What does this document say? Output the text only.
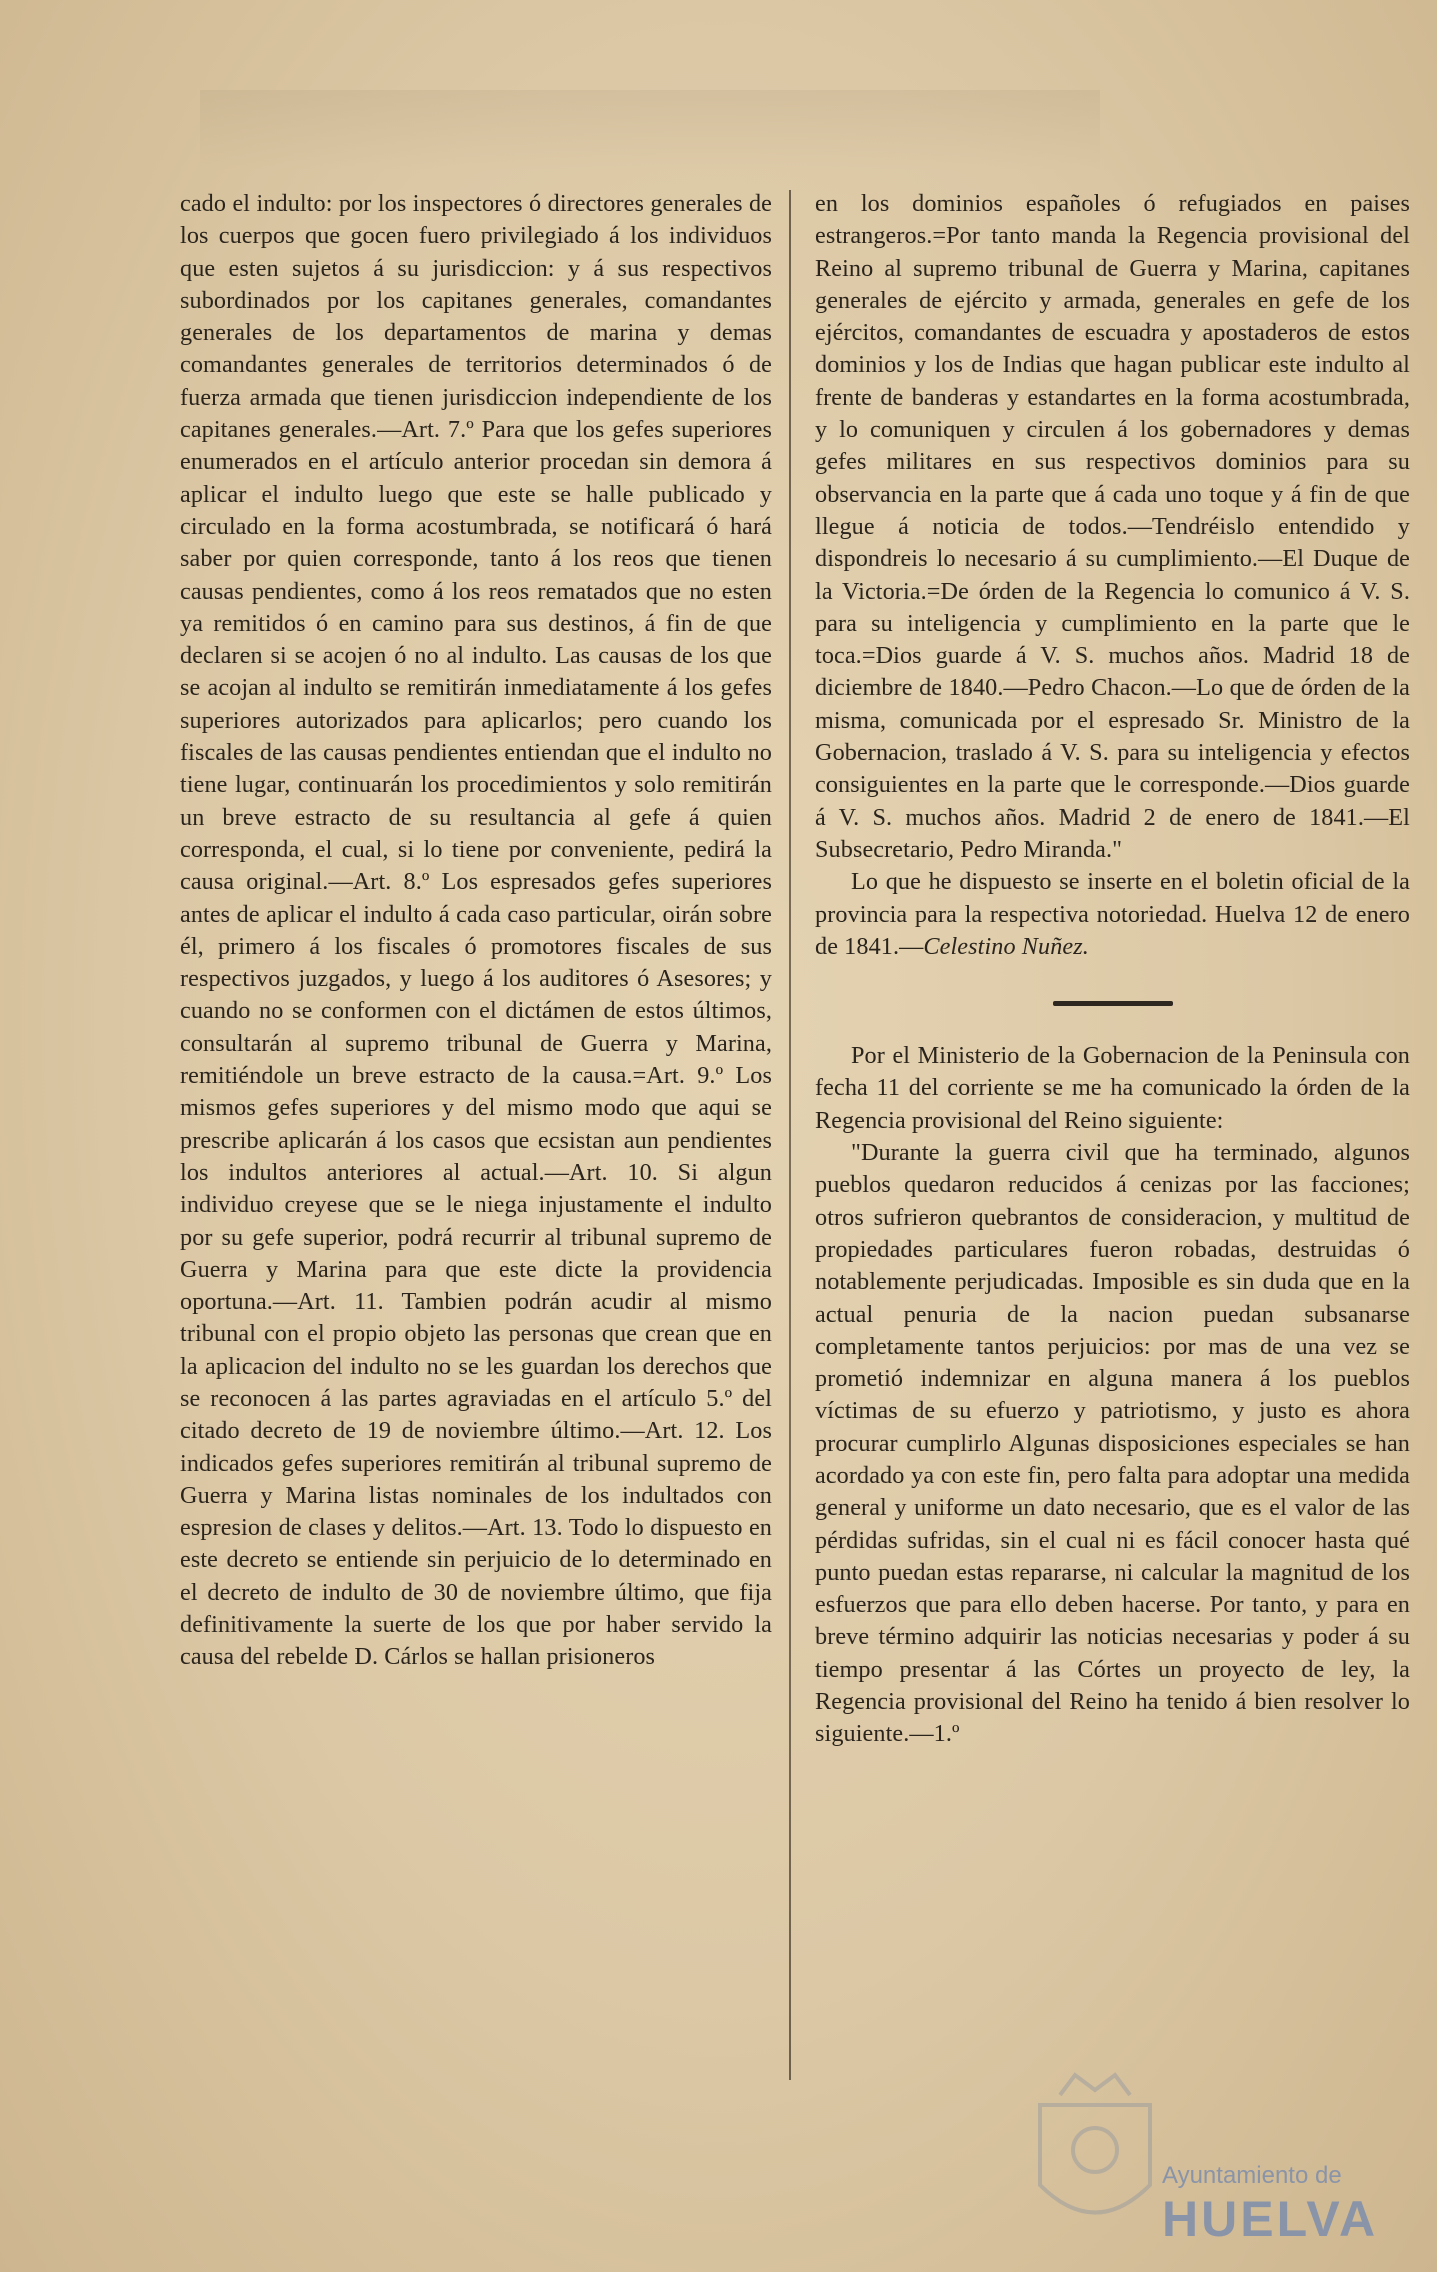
cado el indulto: por los inspectores ó directores generales de los cuerpos que gocen fuero privilegiado á los individuos que esten sujetos á su jurisdiccion: y á sus respectivos subordinados por los capitanes generales, comandantes generales de los departamentos de marina y demas comandantes generales de territorios determinados ó de fuerza armada que tienen jurisdiccion independiente de los capitanes generales.—Art. 7.º Para que los gefes superiores enumerados en el artículo anterior procedan sin demora á aplicar el indulto luego que este se halle publicado y circulado en la forma acostumbrada, se notificará ó hará saber por quien corresponde, tanto á los reos que tienen causas pendientes, como á los reos rematados que no esten ya remitidos ó en camino para sus destinos, á fin de que declaren si se acojen ó no al indulto. Las causas de los que se acojan al indulto se remitirán inmediatamente á los gefes superiores autorizados para aplicarlos; pero cuando los fiscales de las causas pendientes entiendan que el indulto no tiene lugar, continuarán los procedimientos y solo remitirán un breve estracto de su resultancia al gefe á quien corresponda, el cual, si lo tiene por conveniente, pedirá la causa original.—Art. 8.º Los espresados gefes superiores antes de aplicar el indulto á cada caso particular, oirán sobre él, primero á los fiscales ó promotores fiscales de sus respectivos juzgados, y luego á los auditores ó Asesores; y cuando no se conformen con el dictámen de estos últimos, consultarán al supremo tribunal de Guerra y Marina, remitiéndole un breve estracto de la causa.=Art. 9.º Los mismos gefes superiores y del mismo modo que aqui se prescribe aplicarán á los casos que ecsistan aun pendientes los indultos anteriores al actual.—Art. 10. Si algun individuo creyese que se le niega injustamente el indulto por su gefe superior, podrá recurrir al tribunal supremo de Guerra y Marina para que este dicte la providencia oportuna.—Art. 11. Tambien podrán acudir al mismo tribunal con el propio objeto las personas que crean que en la aplicacion del indulto no se les guardan los derechos que se reconocen á las partes agraviadas en el artículo 5.º del citado decreto de 19 de noviembre último.—Art. 12. Los indicados gefes superiores remitirán al tribunal supremo de Guerra y Marina listas nominales de los indultados con espresion de clases y delitos.—Art. 13. Todo lo dispuesto en este decreto se entiende sin perjuicio de lo determinado en el decreto de indulto de 30 de noviembre último, que fija definitivamente la suerte de los que por haber servido la causa del rebelde D. Cárlos se hallan prisioneros

en los dominios españoles ó refugiados en paises estrangeros.=Por tanto manda la Regencia provisional del Reino al supremo tribunal de Guerra y Marina, capitanes generales de ejército y armada, generales en gefe de los ejércitos, comandantes de escuadra y apostaderos de estos dominios y los de Indias que hagan publicar este indulto al frente de banderas y estandartes en la forma acostumbrada, y lo comuniquen y circulen á los gobernadores y demas gefes militares en sus respectivos dominios para su observancia en la parte que á cada uno toque y á fin de que llegue á noticia de todos.—Tendréislo entendido y dispondreis lo necesario á su cumplimiento.—El Duque de la Victoria.=De órden de la Regencia lo comunico á V. S. para su inteligencia y cumplimiento en la parte que le toca.=Dios guarde á V. S. muchos años. Madrid 18 de diciembre de 1840.—Pedro Chacon.—Lo que de órden de la misma, comunicada por el espresado Sr. Ministro de la Gobernacion, traslado á V. S. para su inteligencia y efectos consiguientes en la parte que le corresponde.—Dios guarde á V. S. muchos años. Madrid 2 de enero de 1841.—El Subsecretario, Pedro Miranda."

Lo que he dispuesto se inserte en el boletin oficial de la provincia para la respectiva notoriedad. Huelva 12 de enero de 1841.—Celestino Nuñez.

Por el Ministerio de la Gobernacion de la Peninsula con fecha 11 del corriente se me ha comunicado la órden de la Regencia provisional del Reino siguiente:

"Durante la guerra civil que ha terminado, algunos pueblos quedaron reducidos á cenizas por las facciones; otros sufrieron quebrantos de consideracion, y multitud de propiedades particulares fueron robadas, destruidas ó notablemente perjudicadas. Imposible es sin duda que en la actual penuria de la nacion puedan subsanarse completamente tantos perjuicios: por mas de una vez se prometió indemnizar en alguna manera á los pueblos víctimas de su efuerzo y patriotismo, y justo es ahora procurar cumplirlo Algunas disposiciones especiales se han acordado ya con este fin, pero falta para adoptar una medida general y uniforme un dato necesario, que es el valor de las pérdidas sufridas, sin el cual ni es fácil conocer hasta qué punto puedan estas repararse, ni calcular la magnitud de los esfuerzos que para ello deben hacerse. Por tanto, y para en breve término adquirir las noticias necesarias y poder á su tiempo presentar á las Córtes un proyecto de ley, la Regencia provisional del Reino ha tenido á bien resolver lo siguiente.—1.º

Ayuntamiento de
HUELVA
